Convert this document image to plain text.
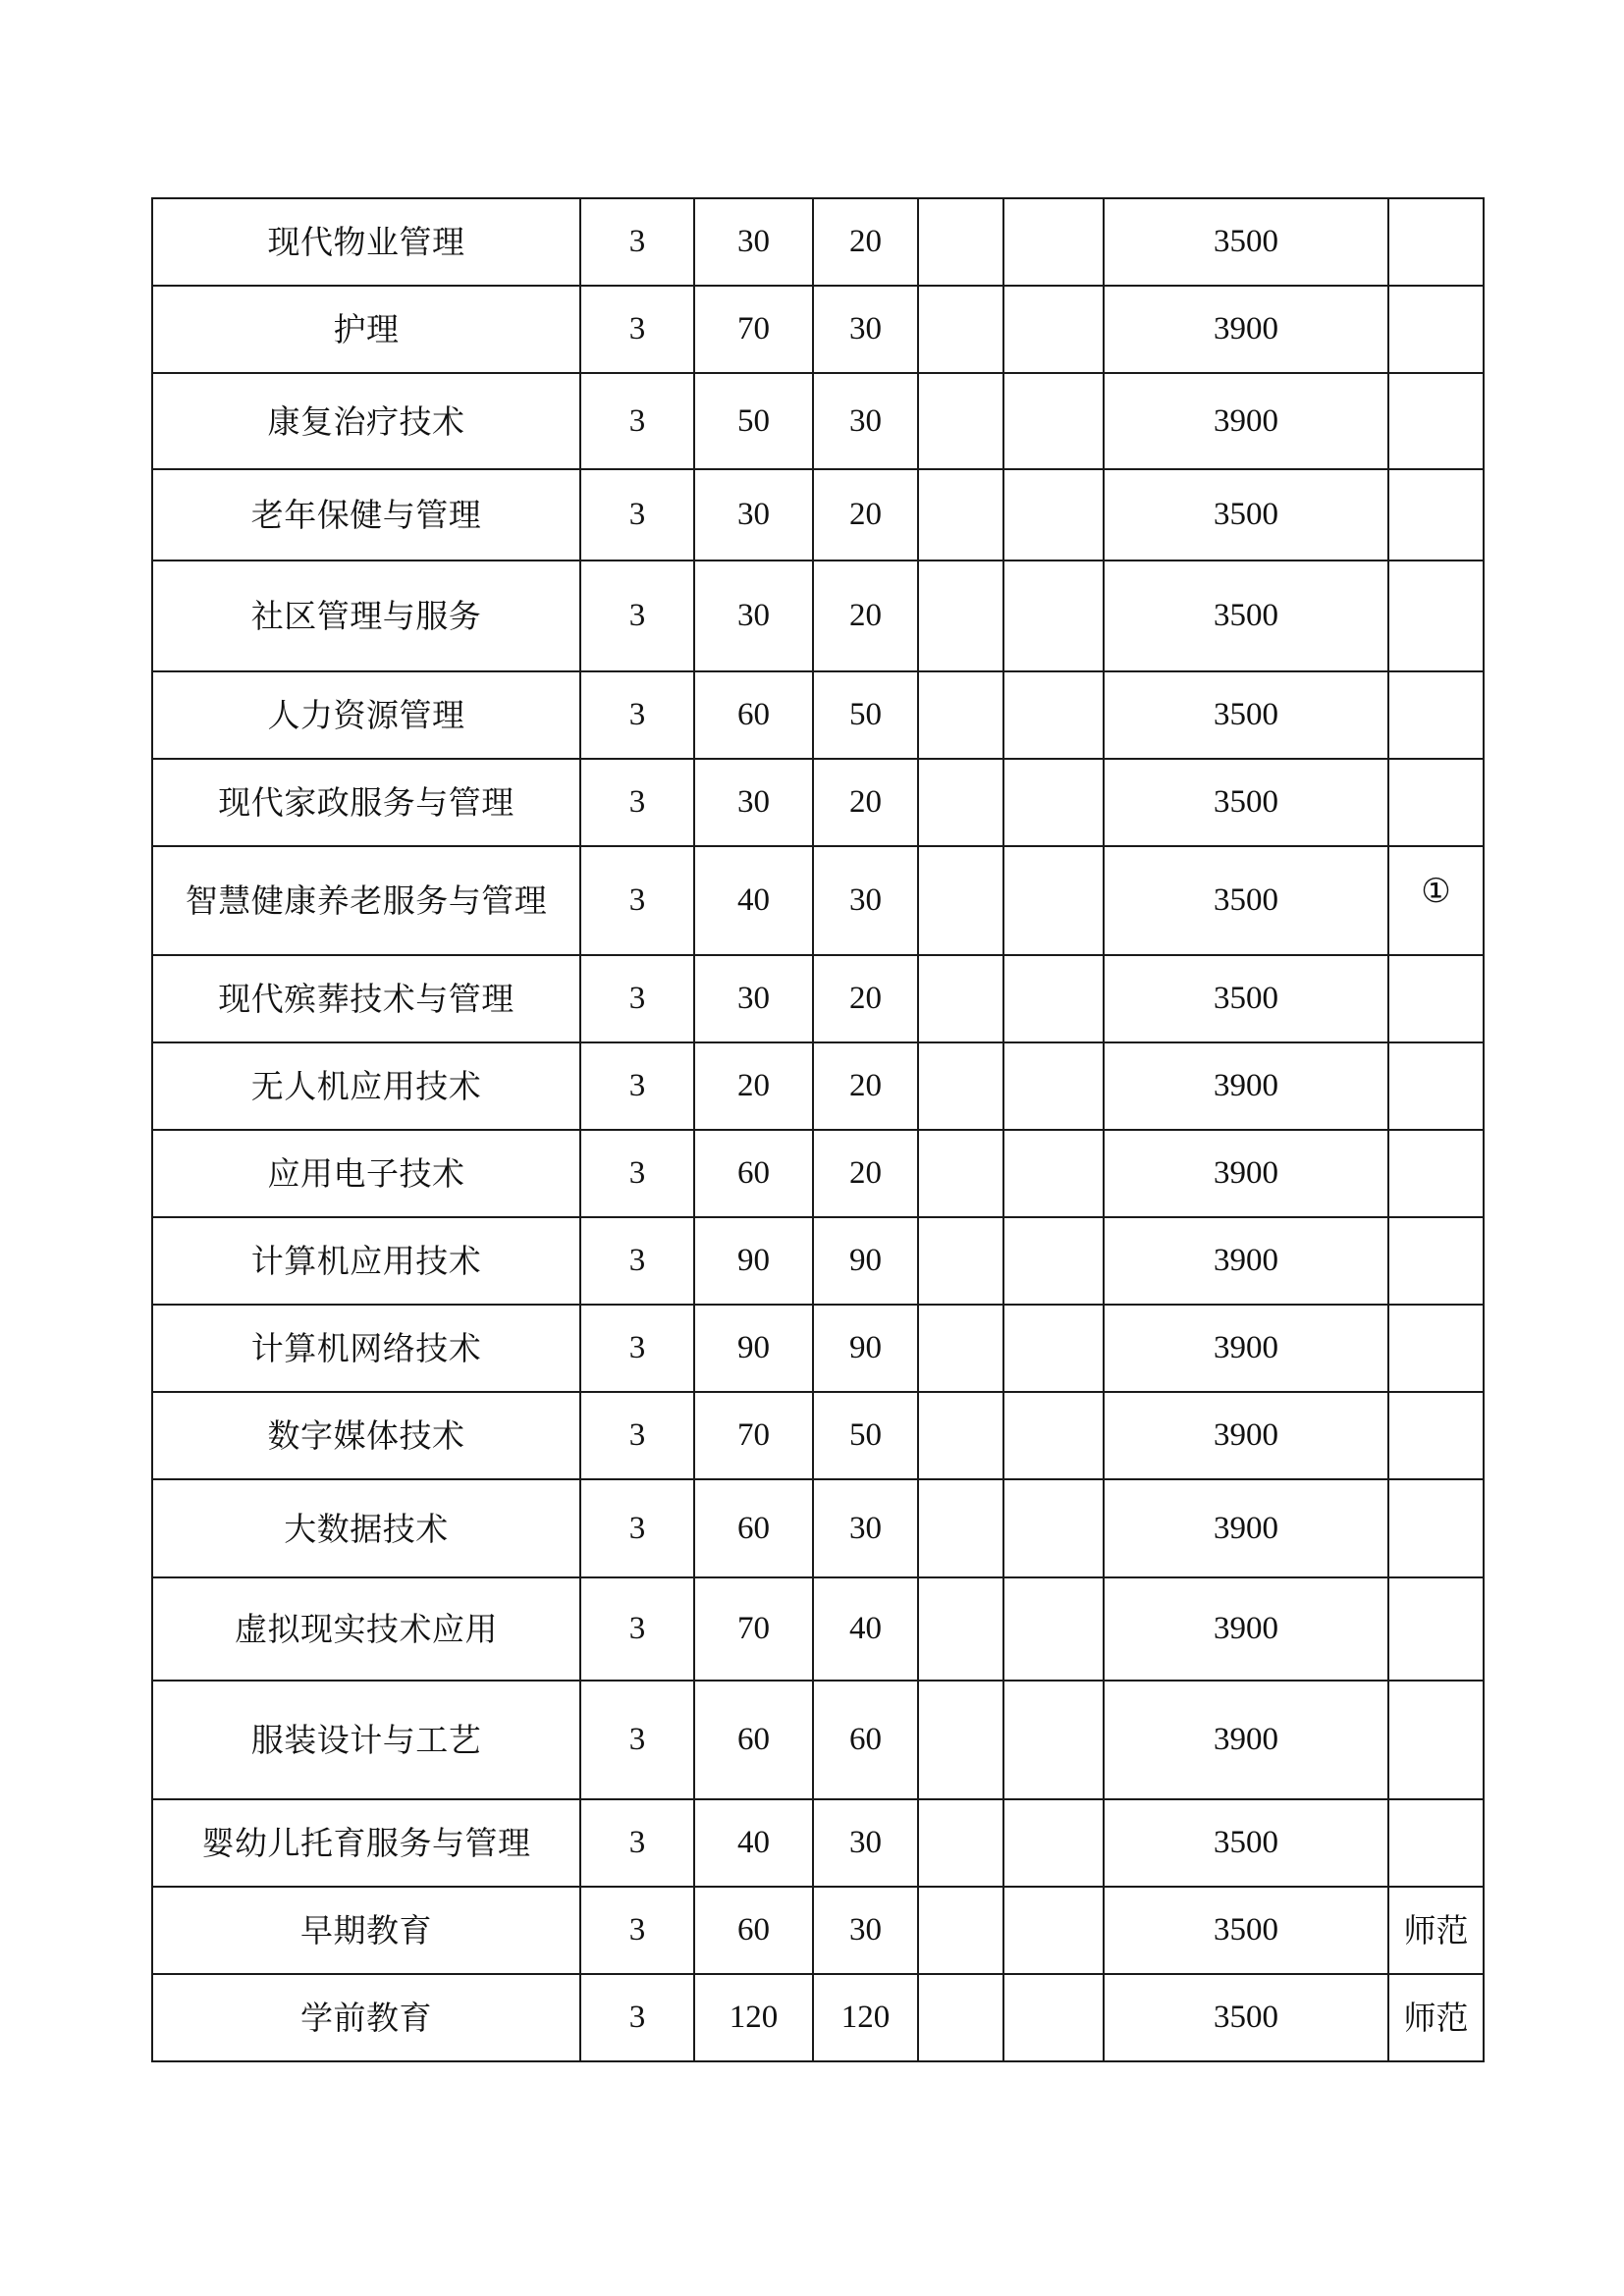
现代物业管理	3	30	20			3500	
护理	3	70	30			3900	
康复治疗技术	3	50	30			3900	
老年保健与管理	3	30	20			3500	
社区管理与服务	3	30	20			3500	
人力资源管理	3	60	50			3500	
现代家政服务与管理	3	30	20			3500	
智慧健康养老服务与管理	3	40	30			3500	①
现代殡葬技术与管理	3	30	20			3500	
无人机应用技术	3	20	20			3900	
应用电子技术	3	60	20			3900	
计算机应用技术	3	90	90			3900	
计算机网络技术	3	90	90			3900	
数字媒体技术	3	70	50			3900	
大数据技术	3	60	30			3900	
虚拟现实技术应用	3	70	40			3900	
服装设计与工艺	3	60	60			3900	
婴幼儿托育服务与管理	3	40	30			3500	
早期教育	3	60	30			3500	师范
学前教育	3	120	120			3500	师范
